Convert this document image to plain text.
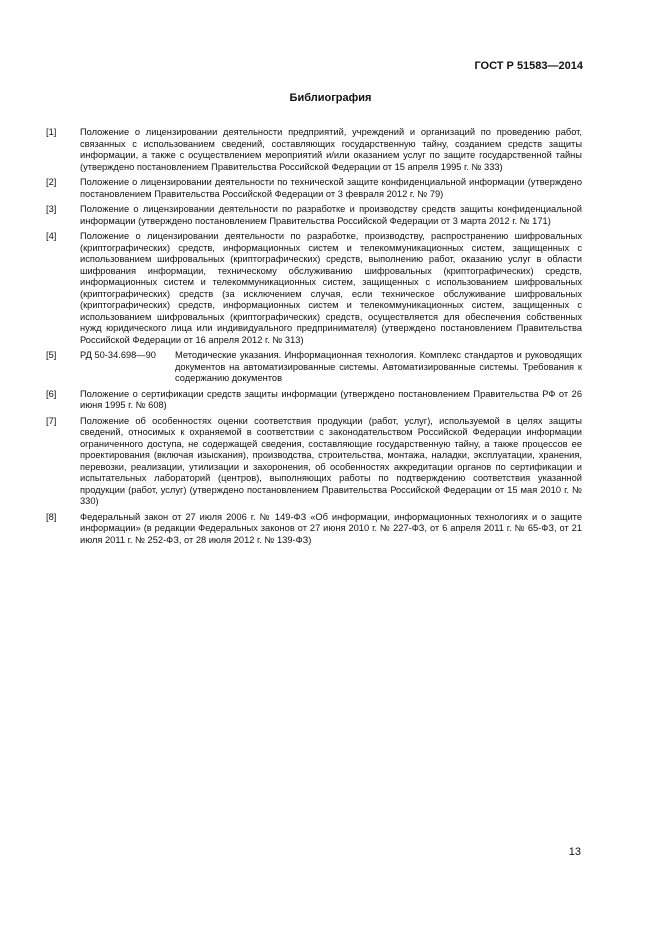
ГОСТ Р 51583—2014
Библиография
[1]	Положение о лицензировании деятельности предприятий, учреждений и организаций по проведению работ, связанных с использованием сведений, составляющих государственную тайну, созданием средств защиты информации, а также с осуществлением мероприятий и/или оказанием услуг по защите государственной тайны (утверждено постановлением Правительства Российской Федерации от 15 апреля 1995 г. № 333)
[2]	Положение о лицензировании деятельности по технической защите конфиденциальной информации (утверждено постановлением Правительства Российской Федерации от 3 февраля 2012 г. № 79)
[3]	Положение о лицензировании деятельности по разработке и производству средств защиты конфиденциальной информации (утверждено постановлением Правительства Российской Федерации от 3 марта 2012 г. № 171)
[4]	Положение о лицензировании деятельности по разработке, производству, распространению шифровальных (криптографических) средств, информационных систем и телекоммуникационных систем, защищенных с использованием шифровальных (криптографических) средств, выполнению работ, оказанию услуг в области шифрования информации, техническому обслуживанию шифровальных (криптографических) средств, информационных систем и телекоммуникационных систем, защищенных с использованием шифровальных (криптографических) средств (за исключением случая, если техническое обслуживание шифровальных (криптографических) средств, информационных систем и телекоммуникационных систем, защищенных с использованием шифровальных (криптографических) средств, осуществляется для обеспечения собственных нужд юридического лица или индивидуального предпринимателя) (утверждено постановлением Правительства Российской Федерации от 16 апреля 2012 г. № 313)
[5]	РД 50-34.698—90	Методические указания. Информационная технология. Комплекс стандартов и руководящих документов на автоматизированные системы. Автоматизированные системы. Требования к содержанию документов
[6]	Положение о сертификации средств защиты информации (утверждено постановлением Правительства РФ от 26 июня 1995 г. № 608)
[7]	Положение об особенностях оценки соответствия продукции (работ, услуг), используемой в целях защиты сведений, относимых к охраняемой в соответствии с законодательством Российской Федерации информации ограниченного доступа, не содержащей сведения, составляющие государственную тайну, а также процессов ее проектирования (включая изыскания), производства, строительства, монтажа, наладки, эксплуатации, хранения, перевозки, реализации, утилизации и захоронения, об особенностях аккредитации органов по сертификации и испытательных лабораторий (центров), выполняющих работы по подтверждению соответствия указанной продукции (работ, услуг) (утверждено постановлением Правительства Российской Федерации от 15 мая 2010 г. № 330)
[8]	Федеральный закон от 27 июля 2006 г. № 149-ФЗ «Об информации, информационных технологиях и о защите информации» (в редакции Федеральных законов от 27 июня 2010 г. № 227-ФЗ, от 6 апреля 2011 г. № 65-ФЗ, от 21 июля 2011 г. № 252-ФЗ, от 28 июля 2012 г. № 139-ФЗ)
13
